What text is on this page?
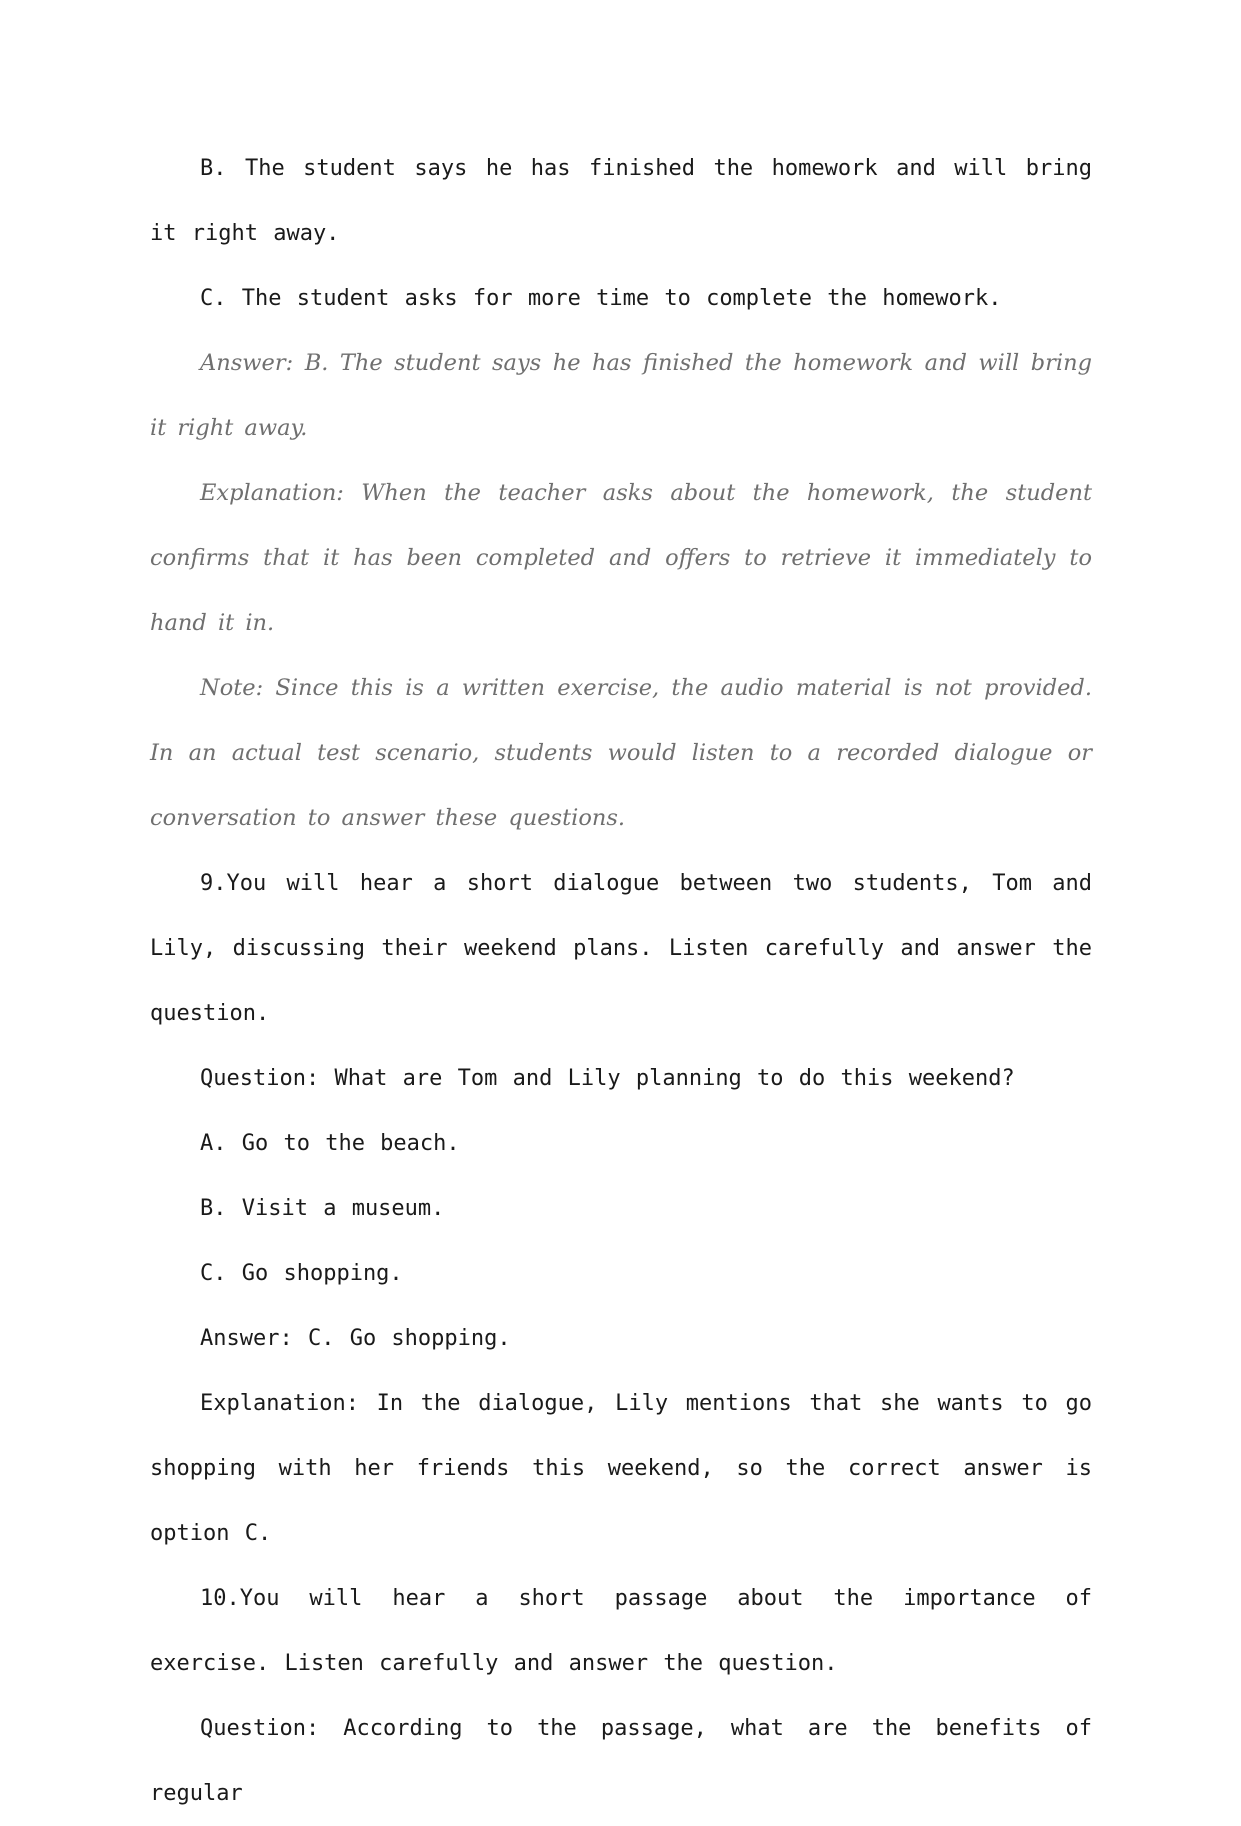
B. The student says he has finished the homework and will bring it right away.

C. The student asks for more time to complete the homework.

Answer: B. The student says he has finished the homework and will bring it right away.

Explanation: When the teacher asks about the homework, the student confirms that it has been completed and offers to retrieve it immediately to hand it in.

Note: Since this is a written exercise, the audio material is not provided. In an actual test scenario, students would listen to a recorded dialogue or conversation to answer these questions.

9.You will hear a short dialogue between two students, Tom and Lily, discussing their weekend plans. Listen carefully and answer the question.

Question: What are Tom and Lily planning to do this weekend?

A. Go to the beach.

B. Visit a museum.

C. Go shopping.

Answer: C. Go shopping.

Explanation: In the dialogue, Lily mentions that she wants to go shopping with her friends this weekend, so the correct answer is option C.

10.You will hear a short passage about the importance of exercise. Listen carefully and answer the question.

Question: According to the passage, what are the benefits of regular
